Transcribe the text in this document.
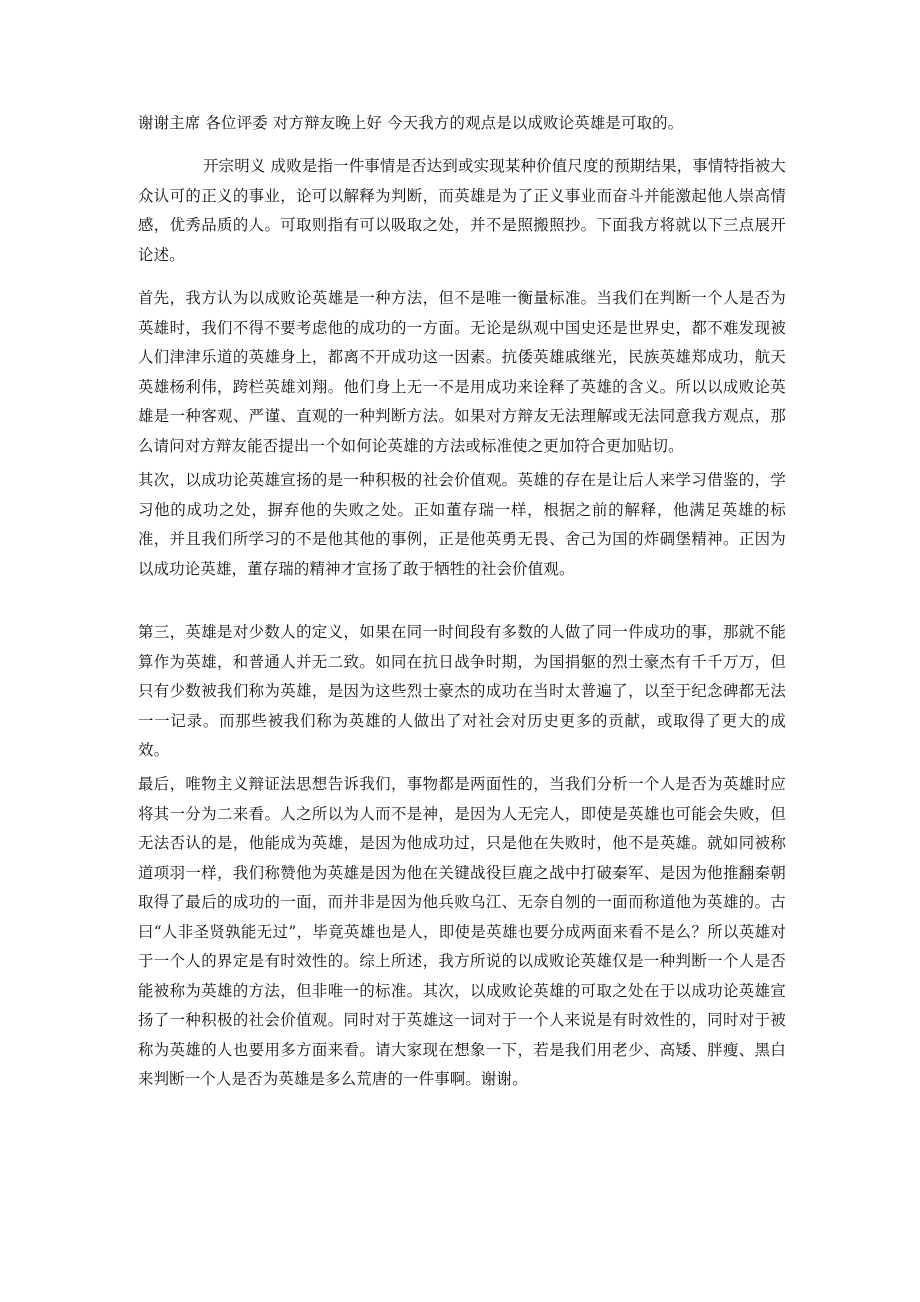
谢谢主席 各位评委 对方辩友晚上好 今天我方的观点是以成败论英雄是可取的。

开宗明义 成败是指一件事情是否达到或实现某种价值尺度的预期结果，事情特指被大众认可的正义的事业，论可以解释为判断，而英雄是为了正义事业而奋斗并能激起他人崇高情感，优秀品质的人。可取则指有可以吸取之处，并不是照搬照抄。下面我方将就以下三点展开论述。

首先，我方认为以成败论英雄是一种方法，但不是唯一衡量标准。当我们在判断一个人是否为英雄时，我们不得不要考虑他的成功的一方面。无论是纵观中国史还是世界史，都不难发现被人们津津乐道的英雄身上，都离不开成功这一因素。抗倭英雄戚继光，民族英雄郑成功，航天英雄杨利伟，跨栏英雄刘翔。他们身上无一不是用成功来诠释了英雄的含义。所以以成败论英雄是一种客观、严谨、直观的一种判断方法。如果对方辩友无法理解或无法同意我方观点，那么请问对方辩友能否提出一个如何论英雄的方法或标准使之更加符合更加贴切。

其次，以成功论英雄宣扬的是一种积极的社会价值观。英雄的存在是让后人来学习借鉴的，学习他的成功之处，摒弃他的失败之处。正如董存瑞一样，根据之前的解释，他满足英雄的标准，并且我们所学习的不是他其他的事例，正是他英勇无畏、舍己为国的炸碉堡精神。正因为以成功论英雄，董存瑞的精神才宣扬了敢于牺牲的社会价值观。

第三，英雄是对少数人的定义，如果在同一时间段有多数的人做了同一件成功的事，那就不能算作为英雄，和普通人并无二致。如同在抗日战争时期，为国捐躯的烈士豪杰有千千万万，但只有少数被我们称为英雄，是因为这些烈士豪杰的成功在当时太普遍了，以至于纪念碑都无法一一记录。而那些被我们称为英雄的人做出了对社会对历史更多的贡献，或取得了更大的成效。

最后，唯物主义辩证法思想告诉我们，事物都是两面性的，当我们分析一个人是否为英雄时应将其一分为二来看。人之所以为人而不是神，是因为人无完人，即使是英雄也可能会失败，但无法否认的是，他能成为英雄，是因为他成功过，只是他在失败时，他不是英雄。就如同被称道项羽一样，我们称赞他为英雄是因为他在关键战役巨鹿之战中打破秦军、是因为他推翻秦朝取得了最后的成功的一面，而并非是因为他兵败乌江、无奈自刎的一面而称道他为英雄的。古曰“人非圣贤孰能无过”，毕竟英雄也是人，即使是英雄也要分成两面来看不是么？所以英雄对于一个人的界定是有时效性的。综上所述，我方所说的以成败论英雄仅是一种判断一个人是否能被称为英雄的方法，但非唯一的标准。其次，以成败论英雄的可取之处在于以成功论英雄宣扬了一种积极的社会价值观。同时对于英雄这一词对于一个人来说是有时效性的，同时对于被称为英雄的人也要用多方面来看。请大家现在想象一下，若是我们用老少、高矮、胖瘦、黑白来判断一个人是否为英雄是多么荒唐的一件事啊。谢谢。
